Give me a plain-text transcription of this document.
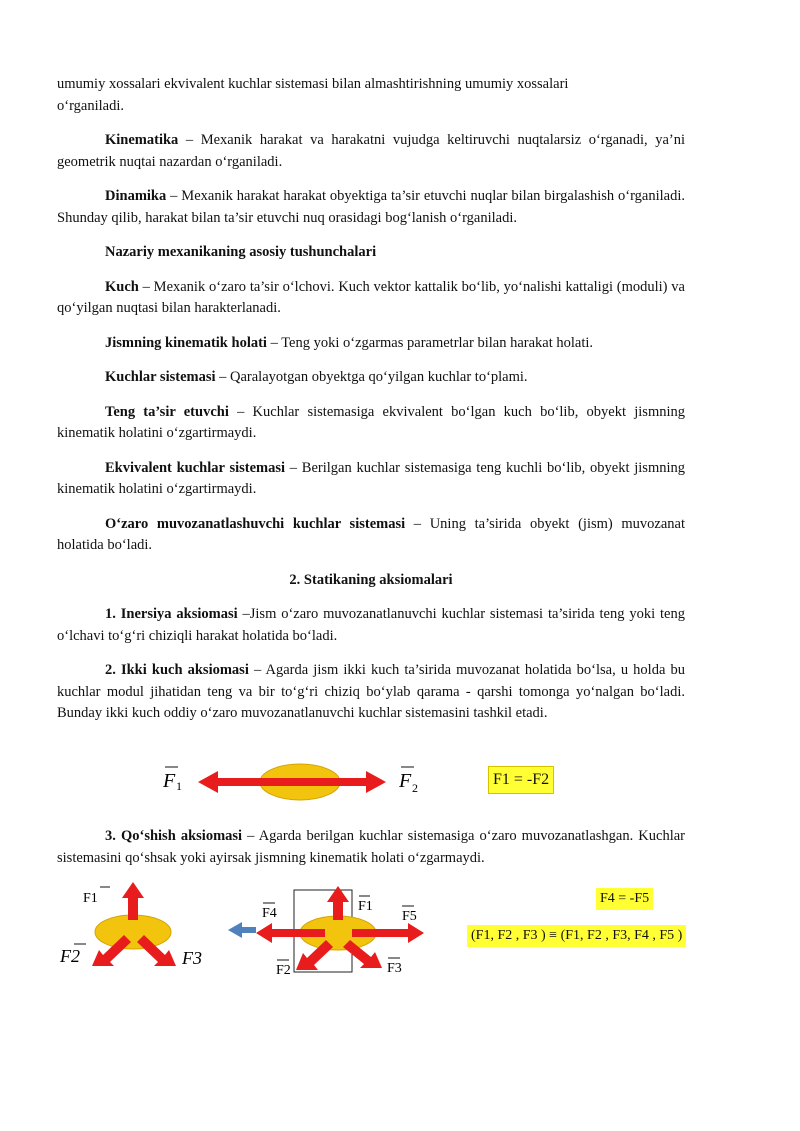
umumiy xossalari ekvivalent kuchlar sistemasi bilan almashtirishning umumiy xossalari
o‘rganiladi.

Kinematika – Mexanik harakat va harakatni vujudga keltiruvchi nuqtalarsiz o‘rganadi, ya’ni geometrik nuqtai nazardan o‘rganiladi.

Dinamika – Mexanik harakat harakat obyektiga ta’sir etuvchi nuqlar bilan birgalashish o‘rganiladi. Shunday qilib, harakat bilan ta’sir etuvchi nuq orasidagi bog‘lanish o‘rganiladi.

Nazariy mexanikaning asosiy tushunchalari

Kuch – Mexanik o‘zaro ta’sir o‘lchovi. Kuch vektor kattalik bo‘lib, yo‘nalishi kattaligi (moduli) va qo‘yilgan nuqtasi bilan harakterlanadi.

Jismning kinematik holati – Teng yoki o‘zgarmas parametrlar bilan harakat holati.

Kuchlar sistemasi – Qaralayotgan obyektga qo‘yilgan kuchlar to‘plami.

Teng ta’sir etuvchi – Kuchlar sistemasiga ekvivalent bo‘lgan kuch bo‘lib, obyekt jismning kinematik holatini o‘zgartirmaydi.

Ekvivalent kuchlar sistemasi – Berilgan kuchlar sistemasiga teng kuchli bo‘lib, obyekt jismning kinematik holatini o‘zgartirmaydi.

O‘zaro muvozanatlashuvchi kuchlar sistemasi – Uning ta’sirida obyekt (jism) muvozanat holatida bo‘ladi.

2. Statikaning aksiomalari

1. Inersiya aksiomasi –Jism o‘zaro muvozanatlanuvchi kuchlar sistemasi ta’sirida teng yoki teng o‘lchavi to‘g‘ri chiziqli harakat holatida bo‘ladi.

2. Ikki kuch aksiomasi – Agarda jism ikki kuch ta’sirida muvozanat holatida bo‘lsa, u holda bu kuchlar modul jihatidan teng va bir to‘g‘ri chiziq bo‘ylab qarama - qarshi tomonga yo‘nalgan bo‘ladi. Bunday ikki kuch oddiy o‘zaro muvozanatlanuvchi kuchlar sistemasini tashkil etadi.

F 1	F 2	F1 = -F2

3. Qo‘shish aksiomasi – Agarda berilgan kuchlar sistemasiga o‘zaro muvozanatlashgan. Kuchlar sistemasini qo‘shsak yoki ayirsak jismning kinematik holati o‘zgarmaydi.

F1
F2	F3
F4	F1
F5
F2	F3
F4 = -F5
(F1, F2 , F3 ) ≡ (F1, F2 , F3, F4 , F5 )
